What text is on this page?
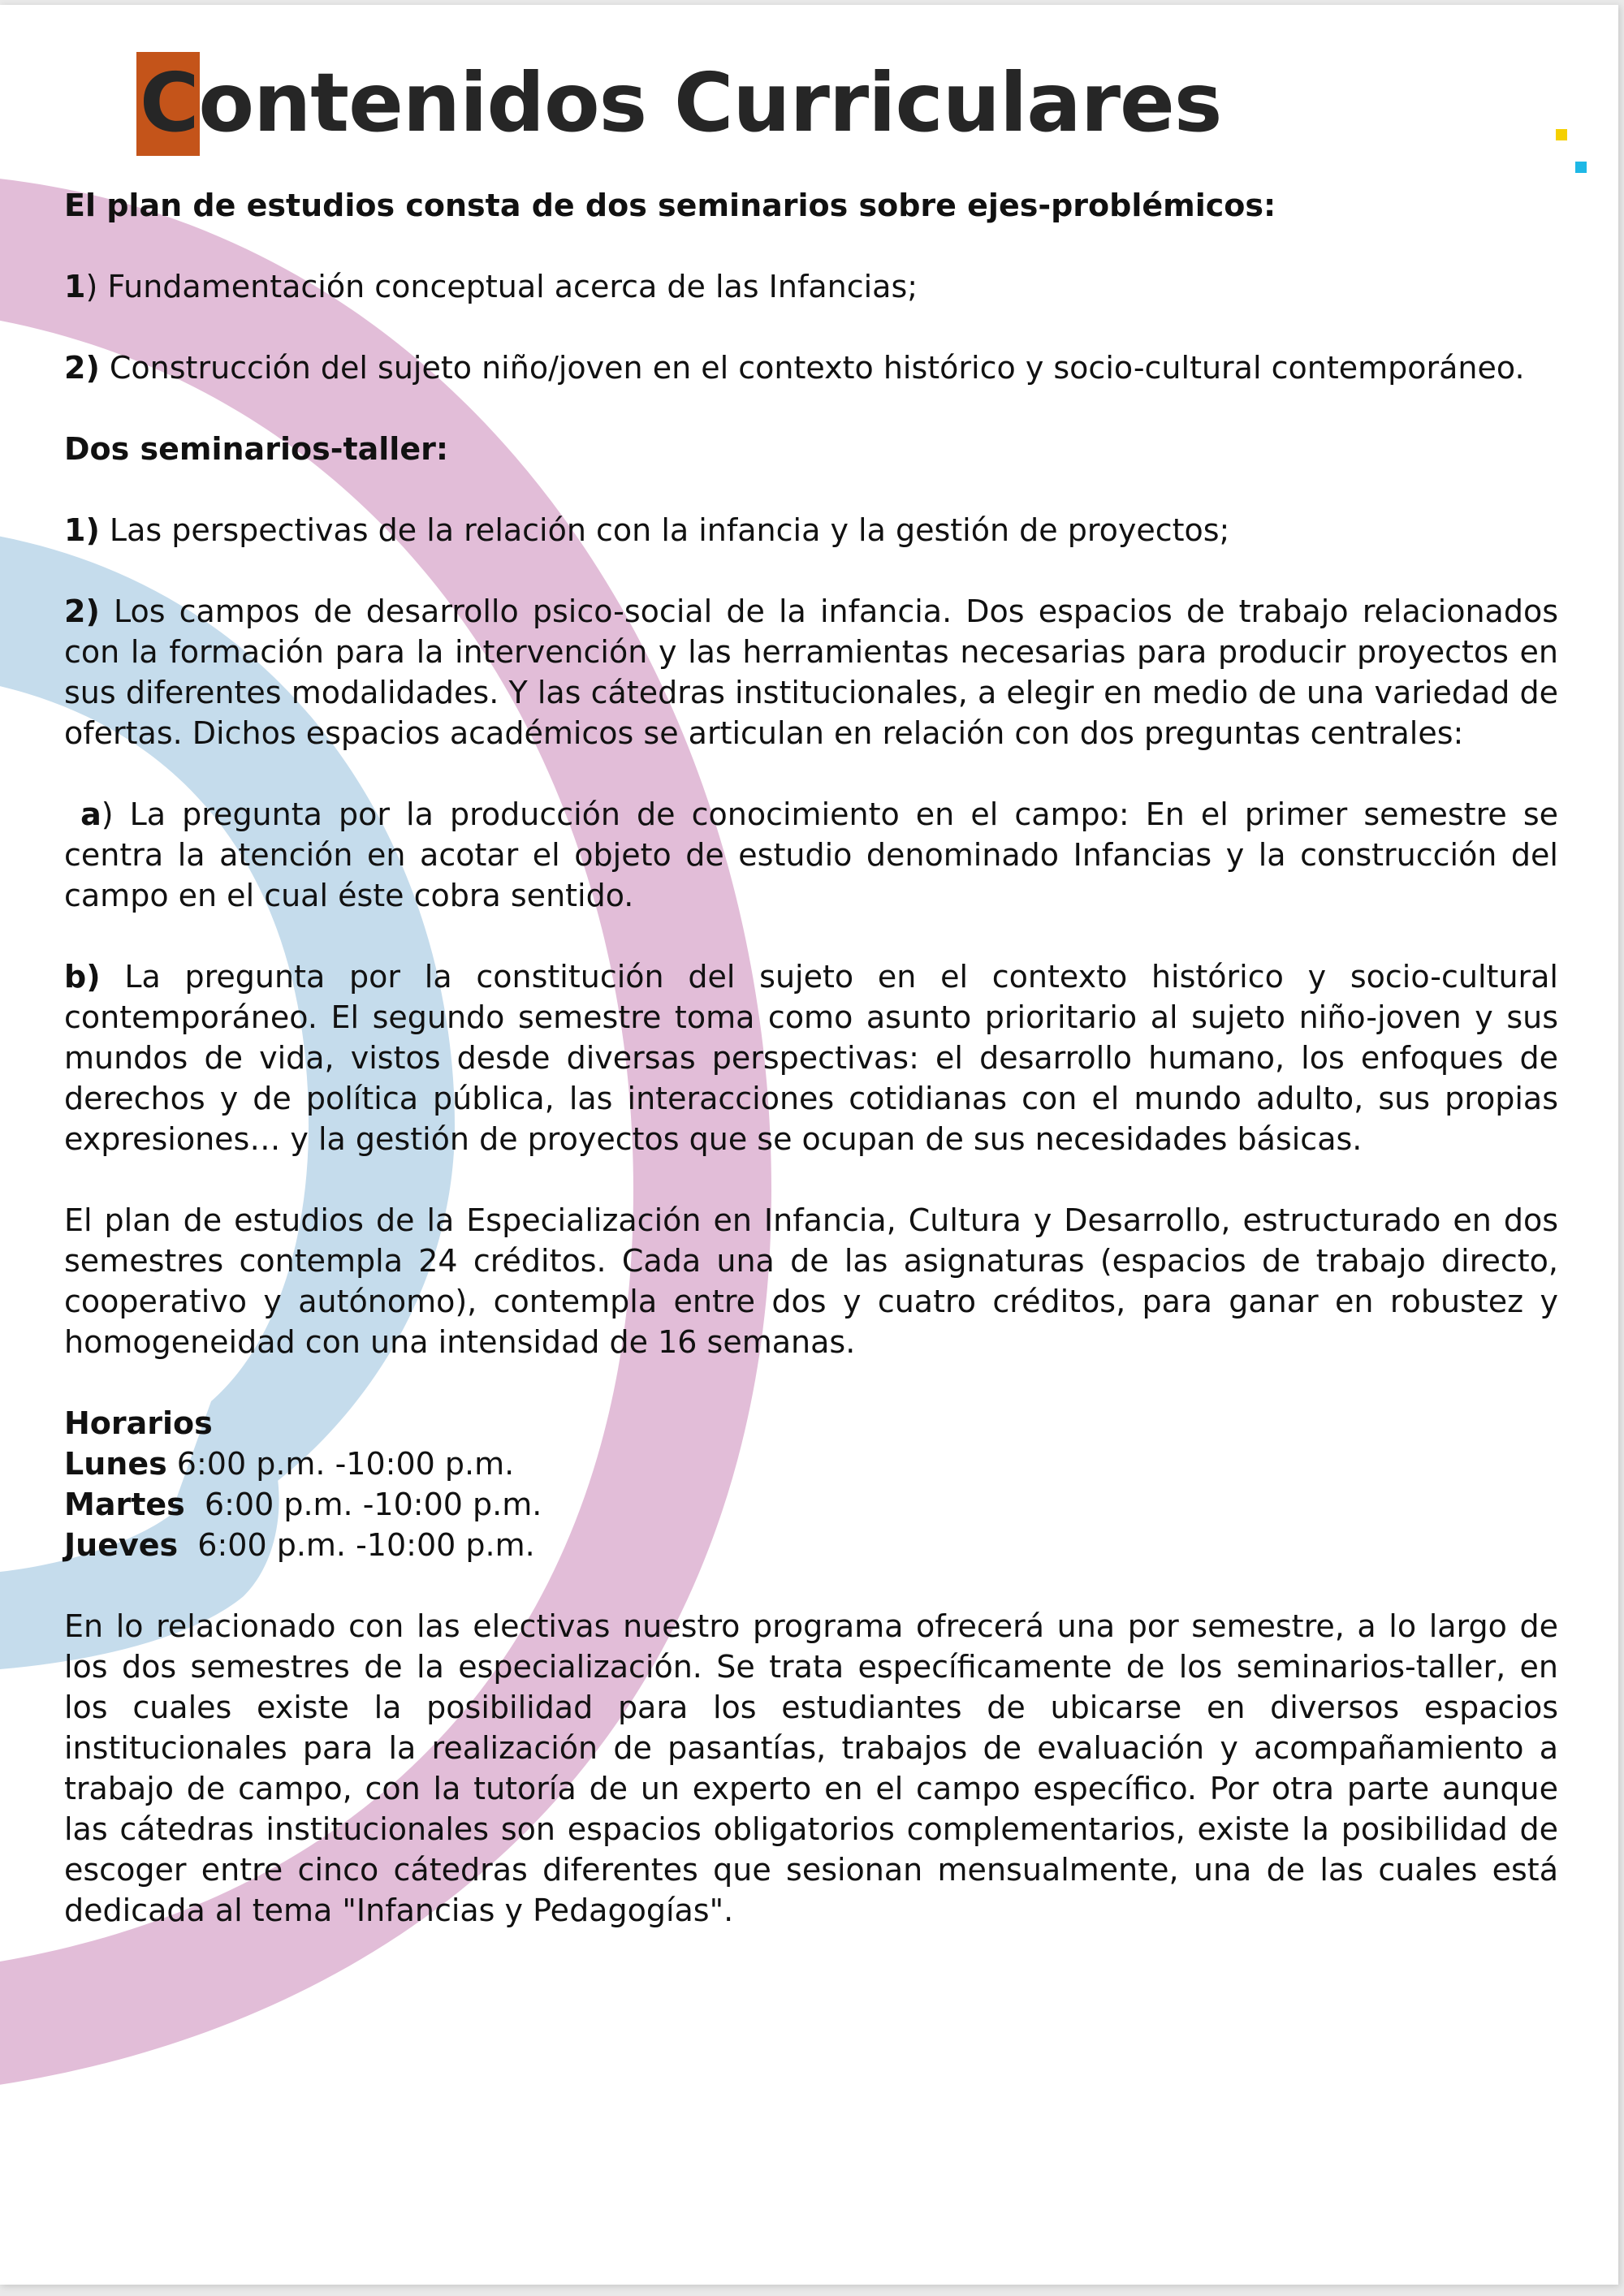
Contenidos Curriculares

El plan de estudios consta de dos seminarios sobre ejes-problémicos:

1) Fundamentación conceptual acerca de las Infancias;

2) Construcción del sujeto niño/joven en el contexto histórico y socio-cultural contemporáneo.

Dos seminarios-taller:

1) Las perspectivas de la relación con la infancia y la gestión de proyectos;

2) Los campos de desarrollo psico-social de la infancia. Dos espacios de trabajo relacionados con la formación para la intervención y las herramientas necesarias para producir proyectos en sus diferentes modalidades. Y las cátedras institucionales, a elegir en medio de una variedad de ofertas. Dichos espacios académicos se articulan en relación con dos preguntas centrales:

a) La pregunta por la producción de conocimiento en el campo: En el primer semestre se centra la atención en acotar el objeto de estudio denominado Infancias y la construcción del campo en el cual éste cobra sentido.

b) La pregunta por la constitución del sujeto en el contexto histórico y socio-cultural contemporáneo. El segundo semestre toma como asunto prioritario al sujeto niño-joven y sus mundos de vida, vistos desde diversas perspectivas: el desarrollo humano, los enfoques de derechos y de política pública, las interacciones cotidianas con el mundo adulto, sus propias expresiones… y la gestión de proyectos que se ocupan de sus necesidades básicas.

El plan de estudios de la Especialización en Infancia, Cultura y Desarrollo, estructurado en dos semestres contempla 24 créditos. Cada una de las asignaturas (espacios de trabajo directo, cooperativo y autónomo), contempla entre dos y cuatro créditos, para ganar en robustez y homogeneidad con una intensidad de 16 semanas.

Horarios

Lunes 6:00 p.m. -10:00 p.m.

Martes  6:00 p.m. -10:00 p.m.

Jueves  6:00 p.m. -10:00 p.m.

En lo relacionado con las electivas nuestro programa ofrecerá una por semestre, a lo largo de los dos semestres de la especialización. Se trata específicamente de los seminarios-taller, en los cuales existe la posibilidad para los estudiantes de ubicarse en diversos espacios institucionales para la realización de pasantías, trabajos de evaluación y acompañamiento a trabajo de campo, con la tutoría de un experto en el campo específico. Por otra parte aunque las cátedras institucionales son espacios obligatorios complementarios, existe la posibilidad de escoger entre cinco cátedras diferentes que sesionan mensualmente, una de las cuales está dedicada al tema "Infancias y Pedagogías".
